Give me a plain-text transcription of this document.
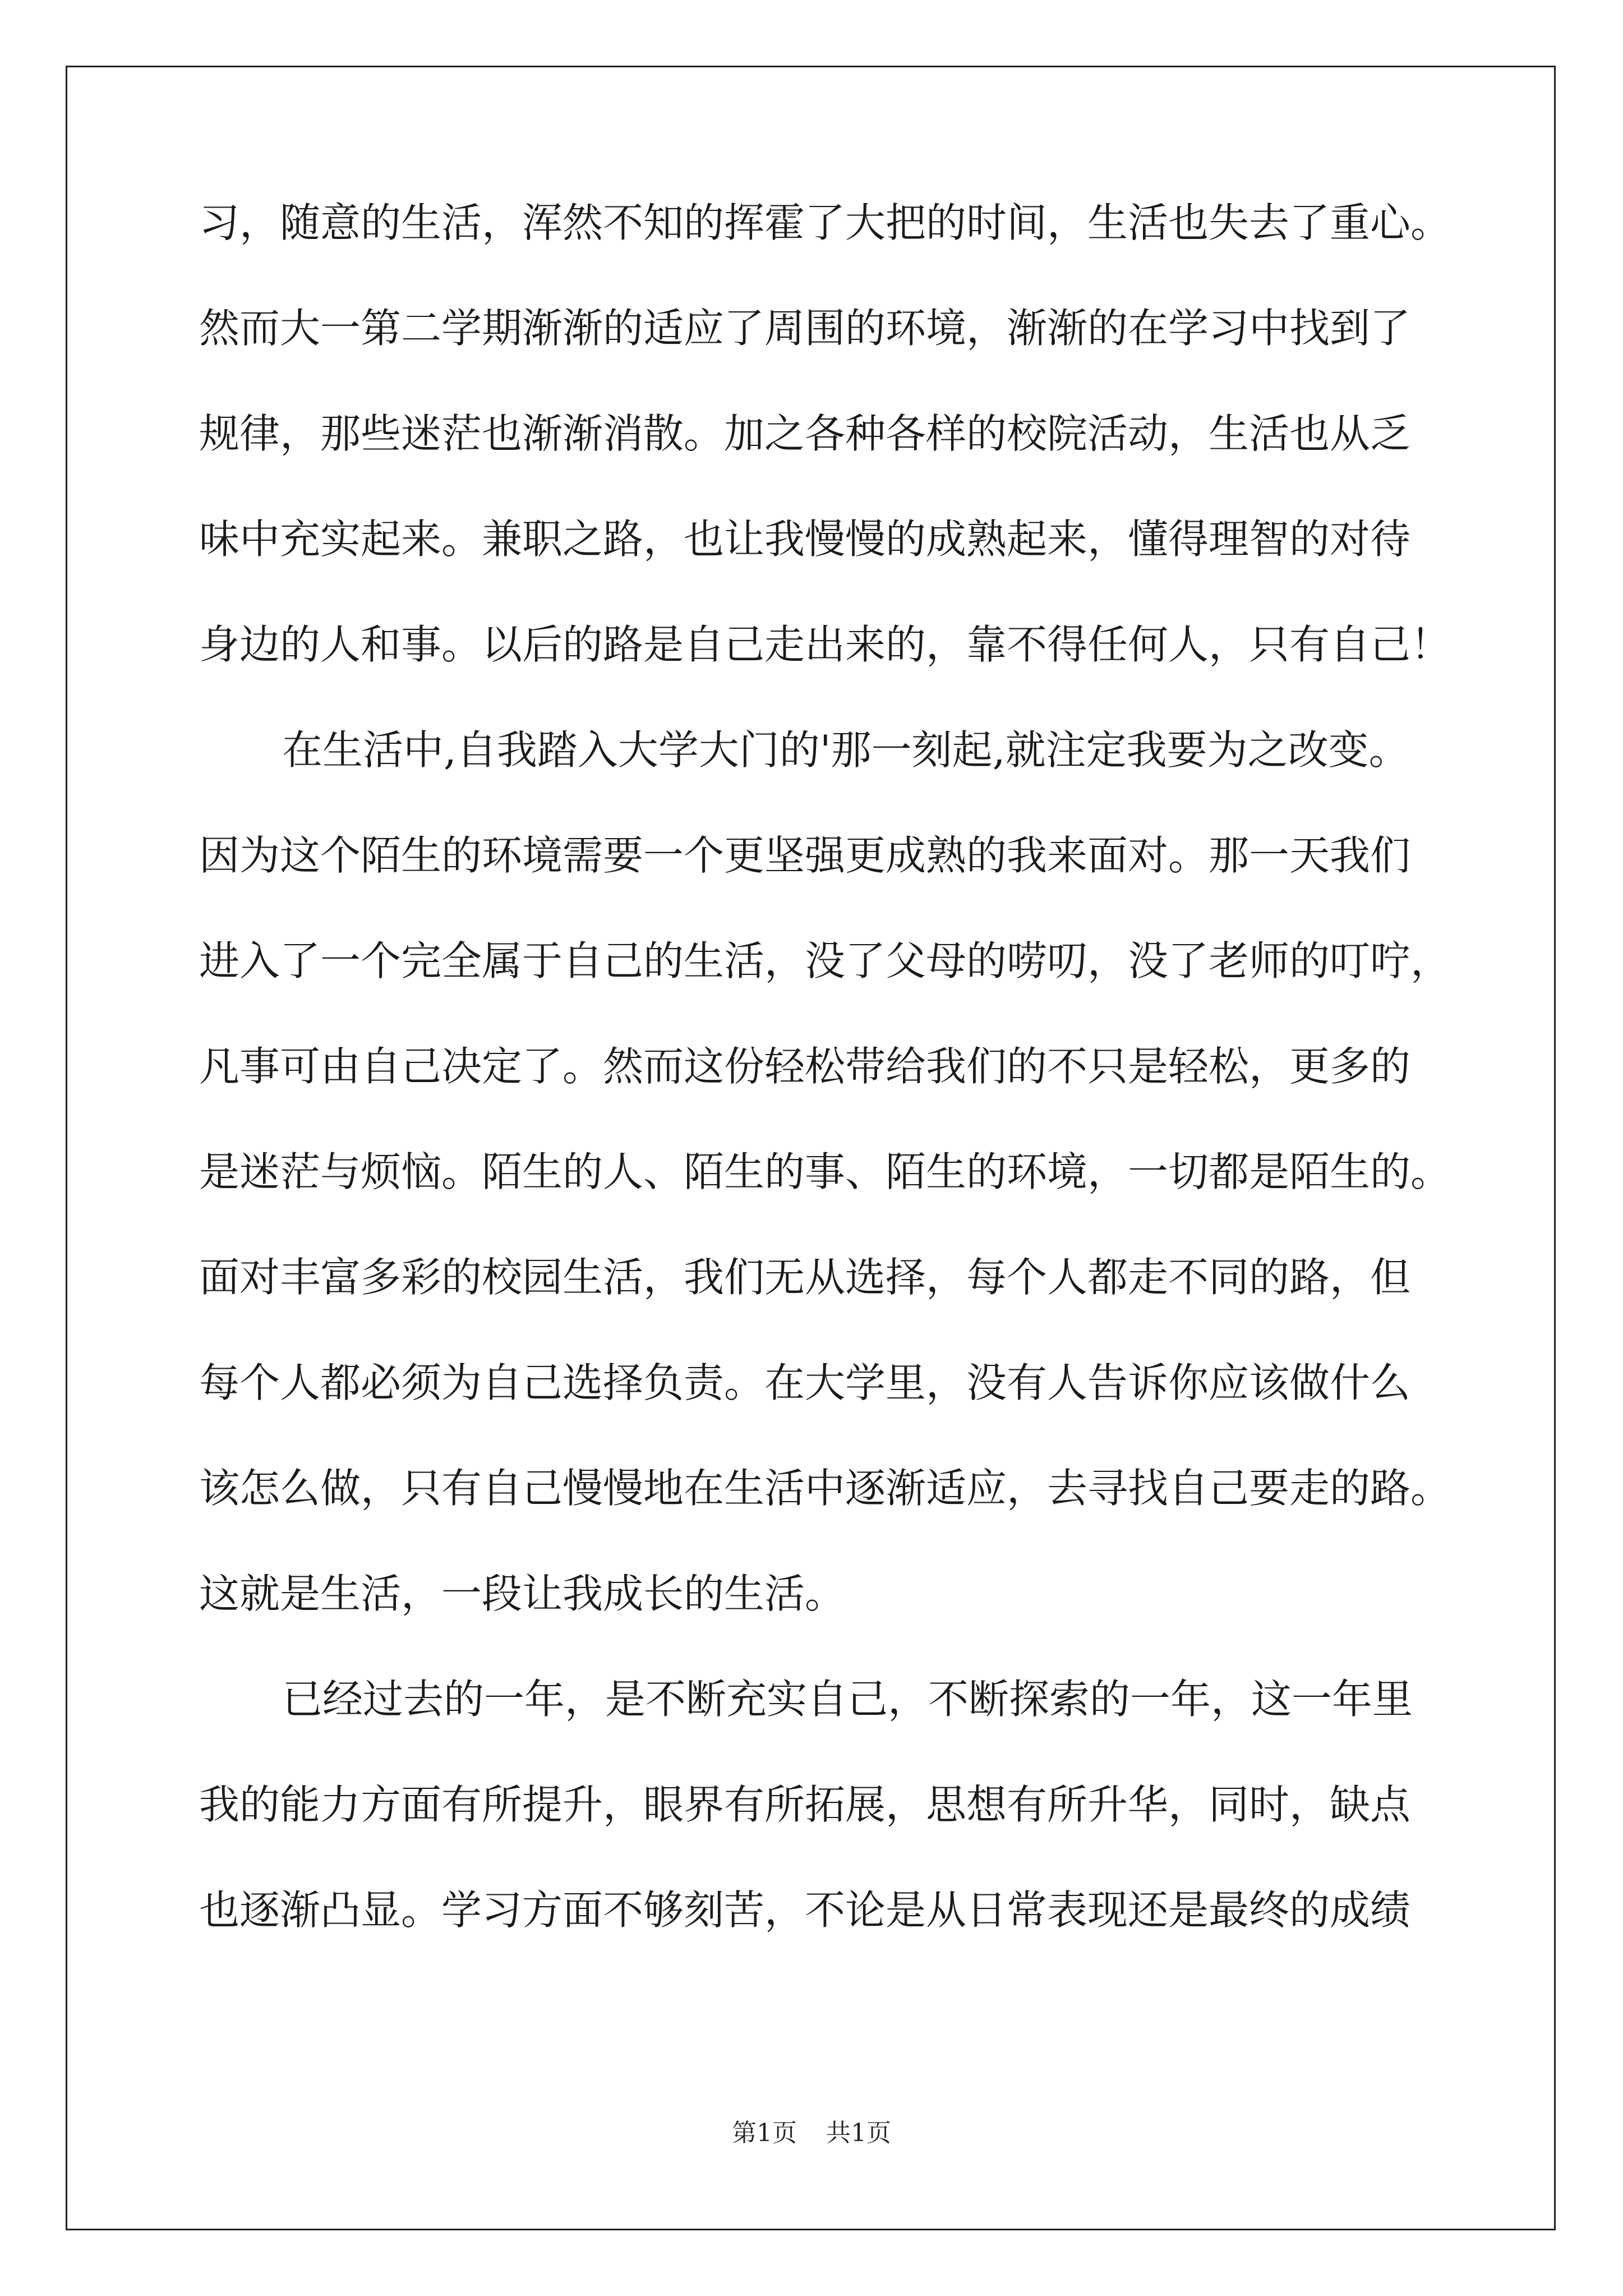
习，随意的生活，浑然不知的挥霍了大把的时间，生活也失去了重心。
然而大一第二学期渐渐的适应了周围的环境，渐渐的在学习中找到了
规律，那些迷茫也渐渐消散。加之各种各样的校院活动，生活也从乏
味中充实起来。兼职之路，也让我慢慢的成熟起来，懂得理智的对待
身边的人和事。以后的路是自己走出来的，靠不得任何人，只有自己！
在生活中,自我踏入大学大门的'那一刻起,就注定我要为之改变。
因为这个陌生的环境需要一个更坚强更成熟的我来面对。那一天我们
进入了一个完全属于自己的生活，没了父母的唠叨，没了老师的叮咛，
凡事可由自己决定了。然而这份轻松带给我们的不只是轻松，更多的
是迷茫与烦恼。陌生的人、陌生的事、陌生的环境，一切都是陌生的。
面对丰富多彩的校园生活，我们无从选择，每个人都走不同的路，但
每个人都必须为自己选择负责。在大学里，没有人告诉你应该做什么
该怎么做，只有自己慢慢地在生活中逐渐适应，去寻找自己要走的路。
这就是生活，一段让我成长的生活。
已经过去的一年，是不断充实自己，不断探索的一年，这一年里
我的能力方面有所提升，眼界有所拓展，思想有所升华，同时，缺点
也逐渐凸显。学习方面不够刻苦，不论是从日常表现还是最终的成绩
第1页 共1页
